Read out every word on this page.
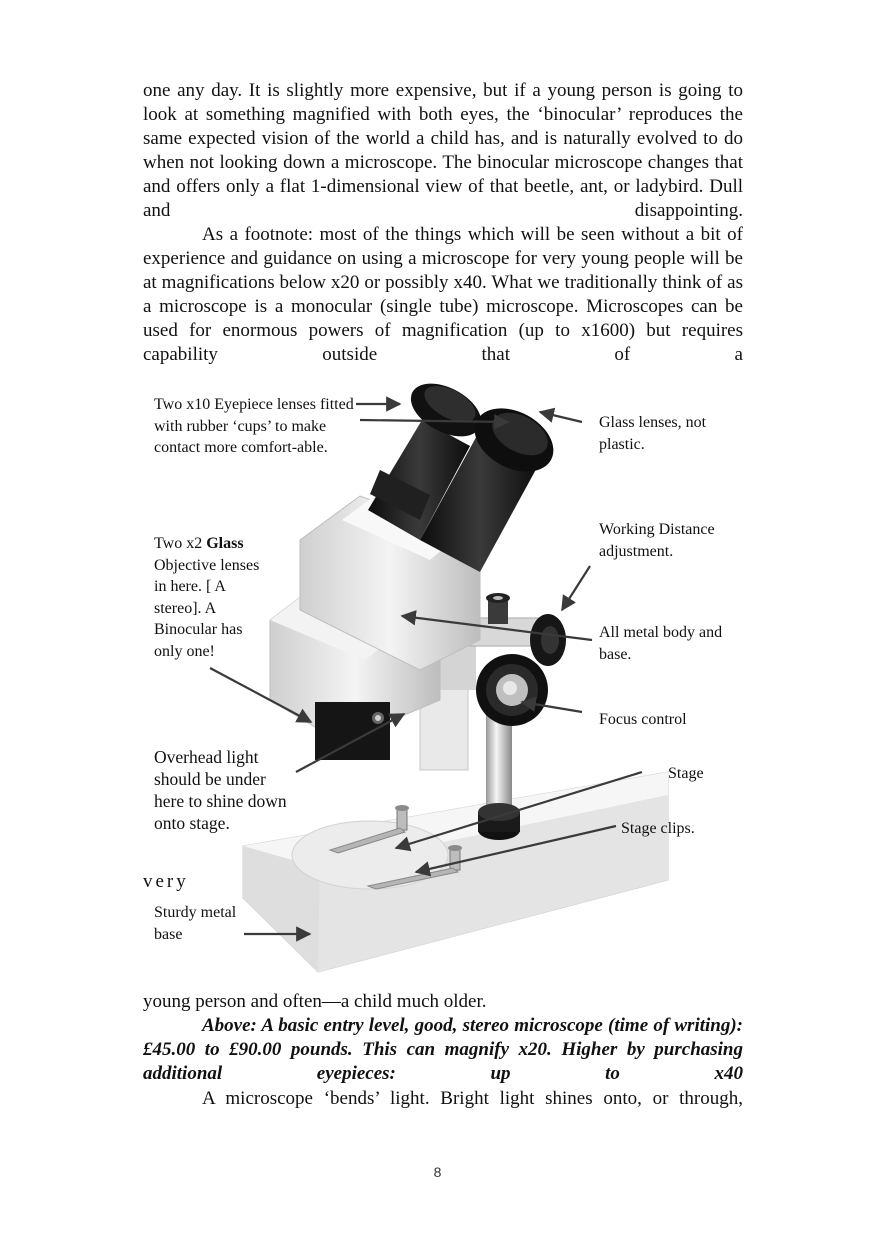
one any day. It is slightly more expensive, but if a young person is going to look at something magnified with both eyes, the ‘binocular’ reproduces the same expected vision of the world a child has, and is naturally evolved to do when not looking down a microscope. The binocular microscope changes that and offers only a flat 1-dimensional view of that beetle, ant, or ladybird. Dull and disappointing.
As a footnote: most of the things which will be seen without a bit of experience and guidance on using a microscope for very young people will be at magnifications below x20 or possibly x40. What we traditionally think of as a microscope is a monocular (single tube) microscope. Microscopes can be used for enormous powers of magnification (up to x1600) but requires capability outside that of a
Two x10 Eyepiece lenses fitted with rubber ‘cups’ to make contact more comfort-able.
Glass lenses, not plastic.
Two x2 Glass Objective lenses in here. [ A stereo]. A Binocular has only one!
Working Distance adjustment.
All metal body and base.
Focus control
Overhead light should be under here to shine down onto stage.
Stage
Stage clips.
Sturdy metal base
very
young person and often—a child much older.
Above: A basic entry level, good, stereo microscope (time of writing): £45.00 to £90.00 pounds. This can magnify x20. Higher by purchasing additional eyepieces: up to x40
A microscope ‘bends’ light. Bright light shines onto, or through,
8
